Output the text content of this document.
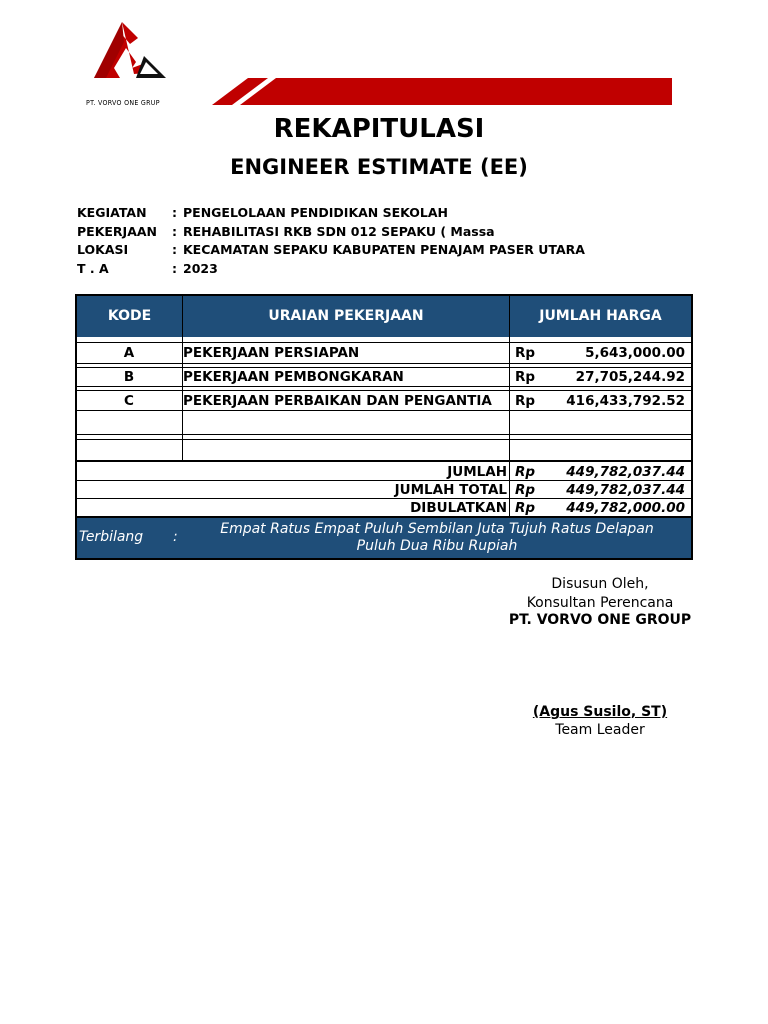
PT. VORVO ONE GRUP
REKAPITULASI
ENGINEER ESTIMATE (EE)
KEGIATAN : PENGELOLAAN PENDIDIKAN SEKOLAH
PEKERJAAN : REHABILITASI RKB SDN 012 SEPAKU ( Massa
LOKASI	: KECAMATAN SEPAKU KABUPATEN PENAJAM PASER UTARA
T . A	: 2023
KODE	URAIAN PEKERJAAN	JUMLAH HARGA
A	PEKERJAAN PERSIAPAN	Rp	5,643,000.00
B	PEKERJAAN PEMBONGKARAN	Rp	27,705,244.92
C	PEKERJAAN PERBAIKAN DAN PENGANTIA	Rp 416,433,792.52
JUMLAH Rp 449,782,037.44
JUMLAH TOTAL Rp 449,782,037.44
DIBULATKAN Rp 449,782,000.00
Terbilang :	Empat Ratus Empat Puluh Sembilan Juta Tujuh Ratus Delapan
Puluh Dua Ribu Rupiah
Disusun Oleh,
Konsultan Perencana
PT. VORVO ONE GROUP
(Agus Susilo, ST)
Team Leader
